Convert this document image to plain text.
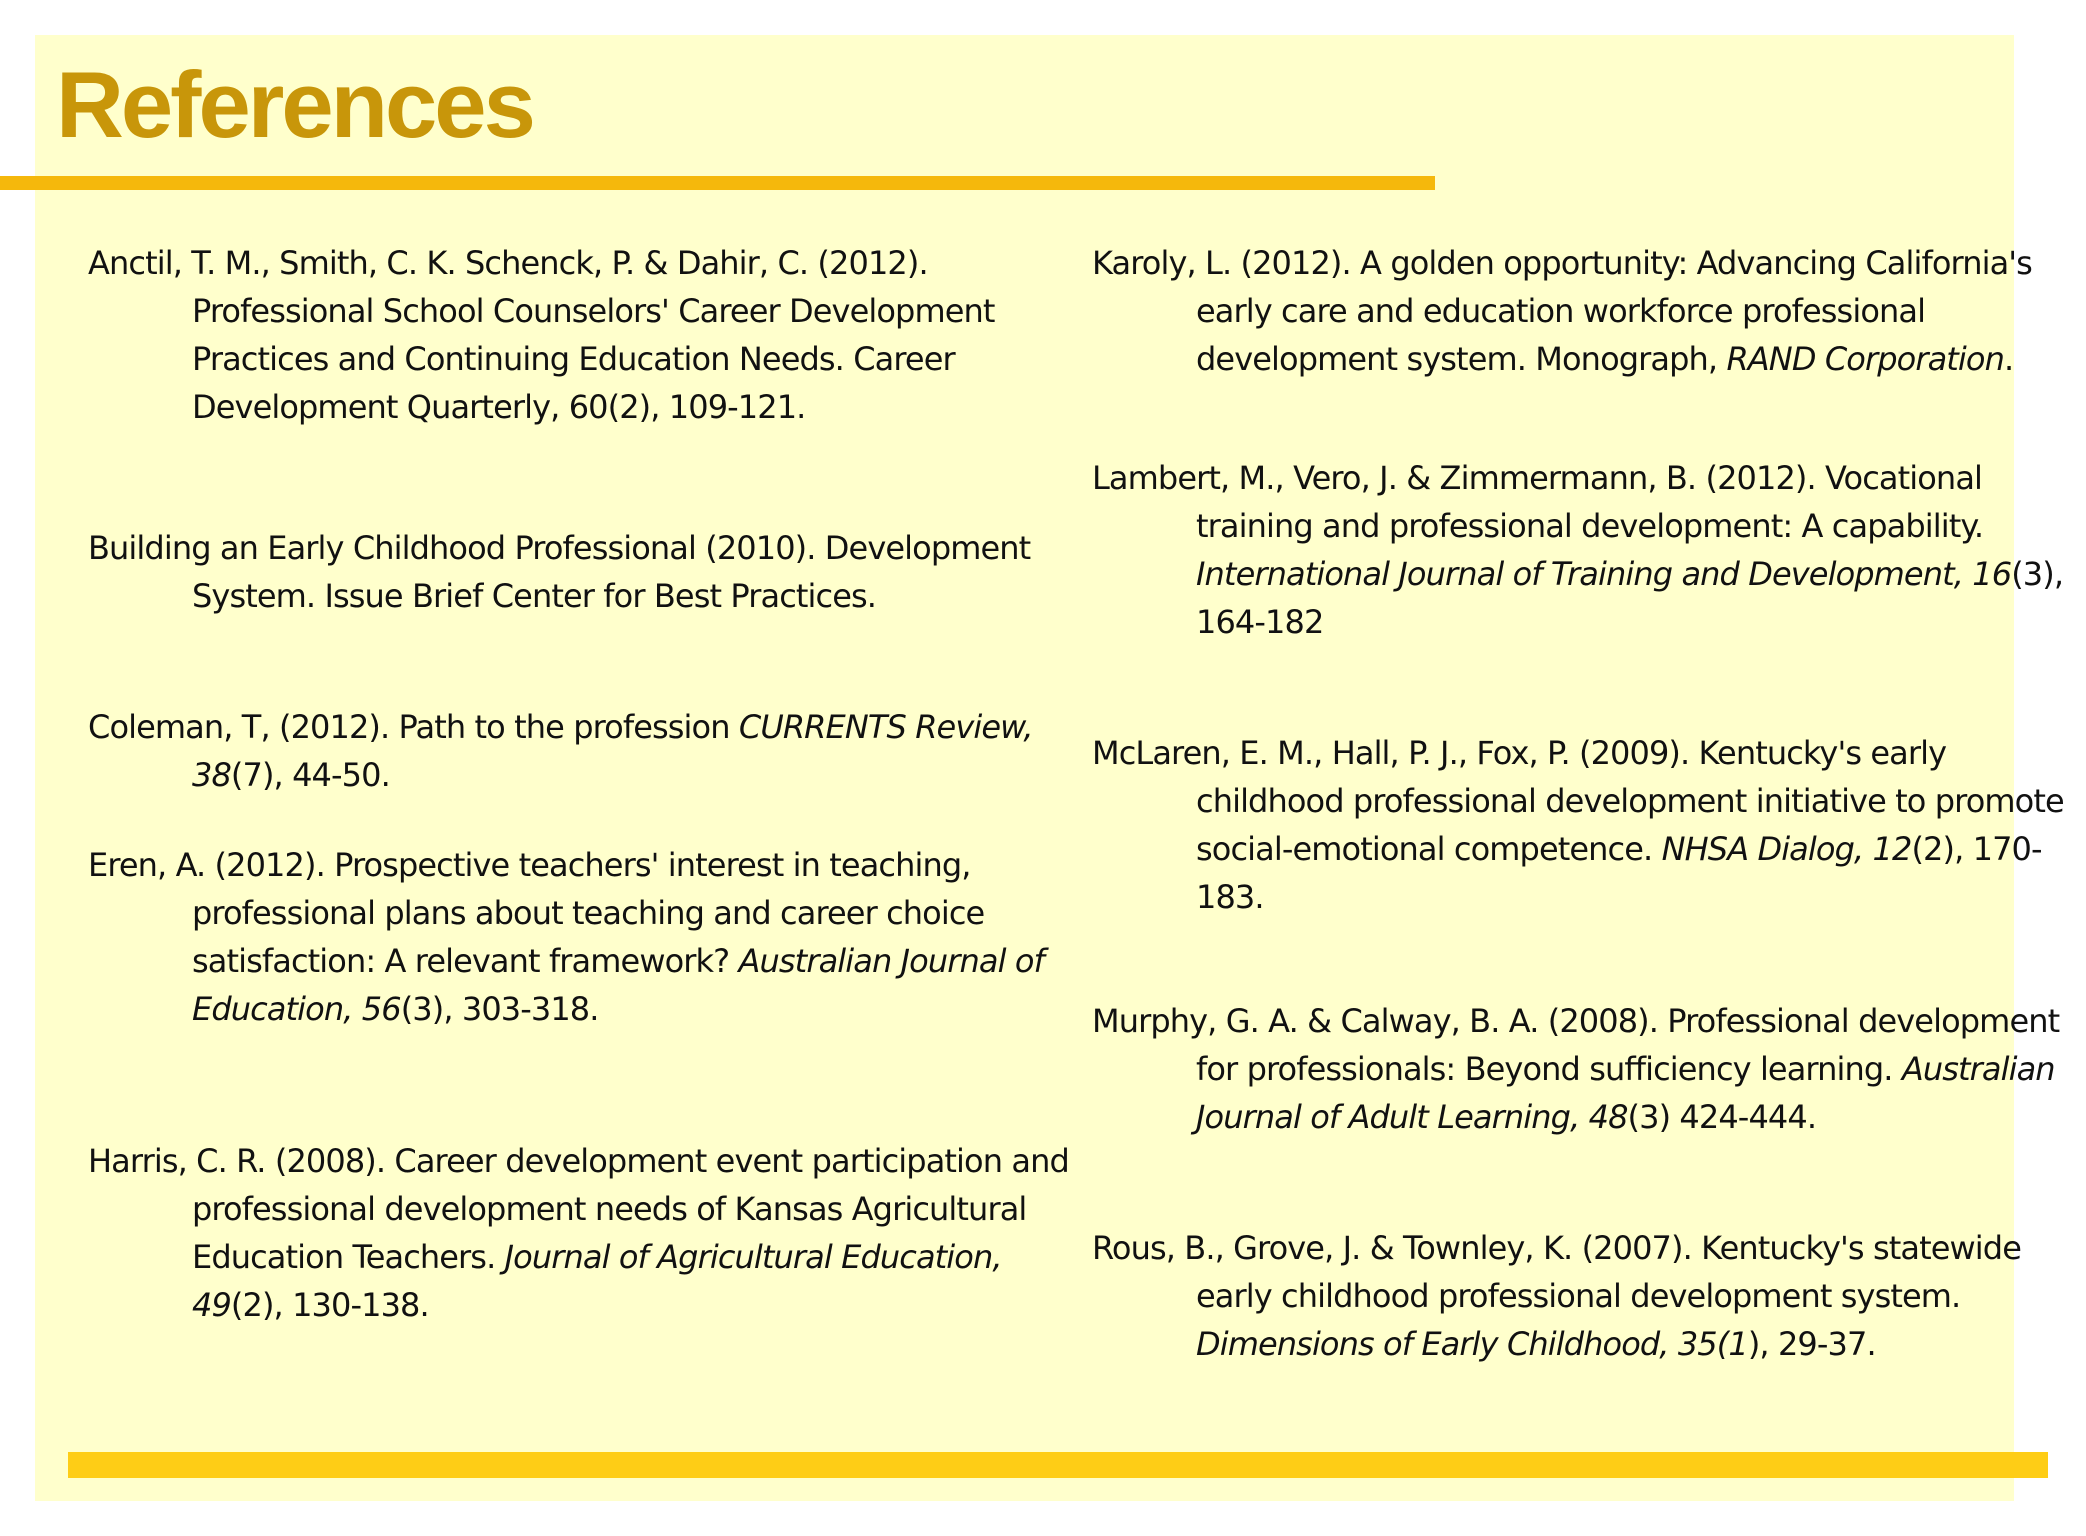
References

Anctil, T. M., Smith, C. K. Schenck, P. & Dahir, C. (2012). Professional School Counselors' Career Development Practices and Continuing Education Needs. Career Development Quarterly, 60(2), 109-121.

Building an Early Childhood Professional (2010). Development System. Issue Brief Center for Best Practices.

Coleman, T, (2012). Path to the profession CURRENTS Review, 38(7), 44-50.

Eren, A. (2012). Prospective teachers' interest in teaching, professional plans about teaching and career choice satisfaction: A relevant framework? Australian Journal of Education, 56(3), 303-318.

Harris, C. R. (2008). Career development event participation and professional development needs of Kansas Agricultural Education Teachers. Journal of Agricultural Education, 49(2), 130-138.

Karoly, L. (2012). A golden opportunity: Advancing California's early care and education workforce professional development system. Monograph, RAND Corporation.

Lambert, M., Vero, J. & Zimmermann, B. (2012). Vocational training and professional development: A capability. International Journal of Training and Development, 16(3), 164-182

McLaren, E. M., Hall, P. J., Fox, P. (2009). Kentucky's early childhood professional development initiative to promote social-emotional competence. NHSA Dialog, 12(2), 170-183.

Murphy, G. A. & Calway, B. A. (2008). Professional development for professionals: Beyond sufficiency learning. Australian Journal of Adult Learning, 48(3) 424-444.

Rous, B., Grove, J. & Townley, K. (2007). Kentucky's statewide early childhood professional development system. Dimensions of Early Childhood, 35(1), 29-37.
